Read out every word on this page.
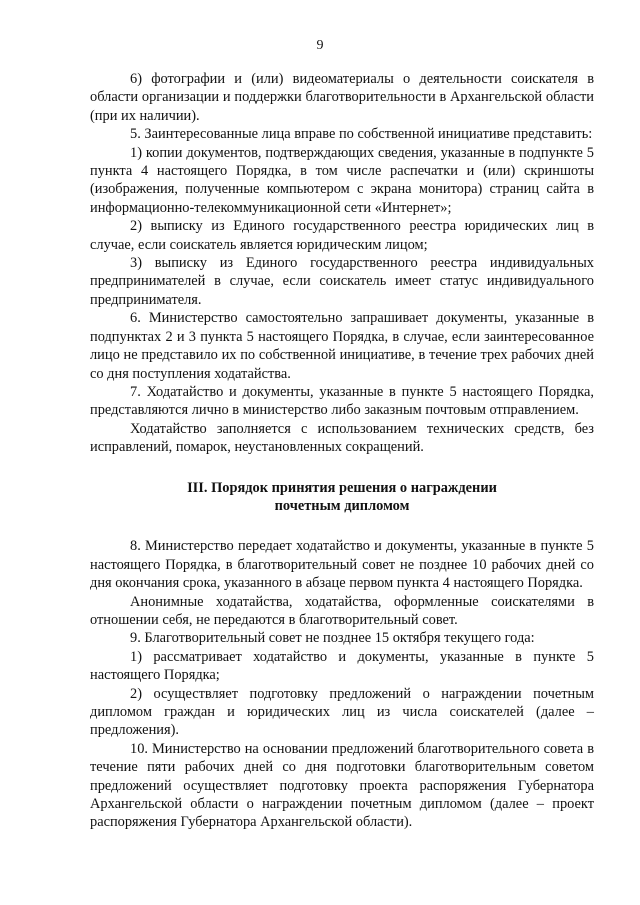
9

6) фотографии и (или) видеоматериалы о деятельности соискателя в области организации и поддержки благотворительности в Архангельской области (при их наличии).

5. Заинтересованные лица вправе по собственной инициативе представить:

1) копии документов, подтверждающих сведения, указанные в подпункте 5 пункта 4 настоящего Порядка, в том числе распечатки и (или) скриншоты (изображения, полученные компьютером с экрана монитора) страниц сайта в информационно-телекоммуникационной сети «Интернет»;

2) выписку из Единого государственного реестра юридических лиц в случае, если соискатель является юридическим лицом;

3) выписку из Единого государственного реестра индивидуальных предпринимателей в случае, если соискатель имеет статус индивидуального предпринимателя.

6. Министерство самостоятельно запрашивает документы, указанные в подпунктах 2 и 3 пункта 5 настоящего Порядка, в случае, если заинтересованное лицо не представило их по собственной инициативе, в течение трех рабочих дней со дня поступления ходатайства.

7. Ходатайство и документы, указанные в пункте 5 настоящего Порядка, представляются лично в министерство либо заказным почтовым отправлением.

Ходатайство заполняется с использованием технических средств, без исправлений, помарок, неустановленных сокращений.

III. Порядок принятия решения о награждении
почетным дипломом

8. Министерство передает ходатайство и документы, указанные в пункте 5 настоящего Порядка, в благотворительный совет не позднее 10 рабочих дней со дня окончания срока, указанного в абзаце первом пункта 4 настоящего Порядка.

Анонимные ходатайства, ходатайства, оформленные соискателями в отношении себя, не передаются в благотворительный совет.

9. Благотворительный совет не позднее 15 октября текущего года:

1) рассматривает ходатайство и документы, указанные в пункте 5 настоящего Порядка;

2) осуществляет подготовку предложений о награждении почетным дипломом граждан и юридических лиц из числа соискателей (далее – предложения).

10. Министерство на основании предложений благотворительного совета в течение пяти рабочих дней со дня подготовки благотворительным советом предложений осуществляет подготовку проекта распоряжения Губернатора Архангельской области о награждении почетным дипломом (далее – проект распоряжения Губернатора Архангельской области).
